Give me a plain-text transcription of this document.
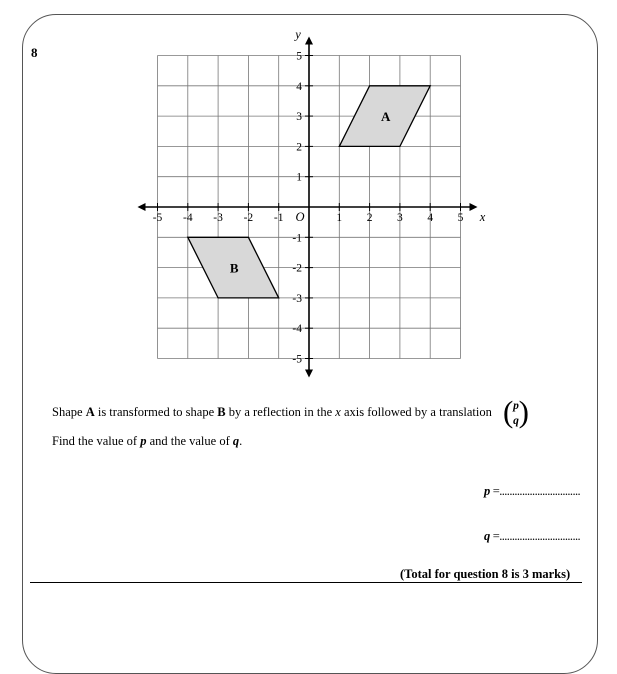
8
A
B
-5 -4 -3 -2 -1	1 2 3 4 5
5
4
3
2
1
-1
-2
-3
-4
-5
O	x
y
Shape A is transformed to shape B by a reflection in the x axis followed by a translation ( p
q )
Find the value of p and the value of q.
p =................................
q =................................
(Total for question 8 is 3 marks)
